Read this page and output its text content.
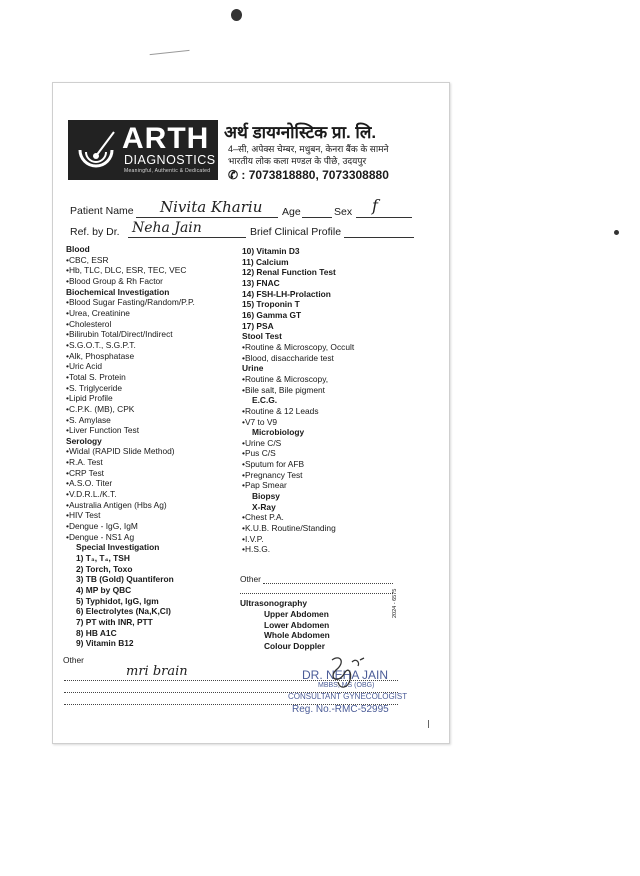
ARTH
DIAGNOSTICS
Meaningful, Authentic & Dedicated
अर्थ डायग्नोस्टिक प्रा. लि.
4–सी, अपेक्स चेम्बर, मधुबन, केनरा बैंक के सामने
भारतीय लोक कला मण्डल के पीछे, उदयपुर
✆ : 7073818880, 7073308880
Patient Name Nivita Khariu Age	Sex f
Ref. by Dr. Neha Jain	Brief Clinical Profile
Blood
• CBC, ESR
• Hb, TLC, DLC, ESR, TEC, VEC
• Blood Group & Rh Factor
Biochemical Investigation
• Blood Sugar Fasting/Random/P.P.
• Urea, Creatinine
• Cholesterol
• Bilirubin Total/Direct/Indirect
• S.G.O.T., S.G.P.T.
• Alk, Phosphatase
• Uric Acid
• Total S. Protein
• S. Triglyceride
• Lipid Profile
• C.P.K. (MB), CPK
• S. Amylase
• Liver Function Test
Serology
• Widal (RAPID Slide Method)
• R.A. Test
• CRP Test
• A.S.O. Titer
• V.D.R.L./K.T.
• Australia Antigen (Hbs Ag)
• HIV Test
• Dengue - IgG, IgM
• Dengue - NS1 Ag
Special Investigation
1) T₃, T₄, TSH
2) Torch, Toxo
3) TB (Gold) Quantiferon
4) MP by QBC
5) Typhidot, IgG, Igm
6) Electrolytes (Na,K,Cl)
7) PT with INR, PTT
8) HB A1C
9) Vitamin B12
10) Vitamin D3
11) Calcium
12) Renal Function Test
13) FNAC
14) FSH-LH-Prolaction
15) Troponin T
16) Gamma GT
17) PSA
Stool Test
• Routine & Microscopy, Occult
• Blood, disaccharide test
Urine
• Routine & Microscopy,
• Bile salt, Bile pigment
E.C.G.
• Routine & 12 Leads
• V7 to V9
Microbiology
• Urine C/S
• Pus C/S
• Sputum for AFB
• Pregnancy Test
• Pap Smear
Biopsy
X-Ray
• Chest P.A.
• K.U.B. Routine/Standing
• I.V.P.
• H.S.G.
Other
Ultrasonography
Upper Abdomen
Lower Abdomen
Whole Abdomen
Colour Doppler
2024 - 6575
Other
mri brain	DR. NEHA JAIN
MBBS, MS (OBG)
CONSULTANT GYNECOLOGIST
Reg. No.-RMC-52995
